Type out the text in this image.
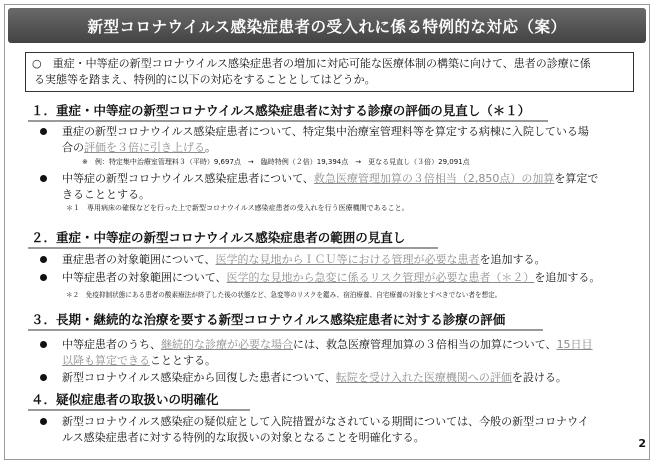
新型コロナウイルス感染症患者の受入れに係る特例的な対応（案）
○　 重症・中等症の新型コロナウイルス感染症患者の増加に対応可能な医療体制の構築に向けて、患者の診療に係
る実態等を踏まえ、特例的に以下の対応をすることとしてはどうか。
１．重症・中等症の新型コロナウイルス感染症患者に対する診療の評価の見直し（＊１）
重症の新型コロナウイルス感染症患者について、特定集中治療室管理料等を算定する病棟に入院している場
合の評価を３倍に引き上げる。
※　例：特定集中治療室管理料３（平時）9,697点　→　臨時特例（２倍）19,394点　→　更なる見直し（３倍）29,091点
中等症の新型コロナウイルス感染症患者について、救急医療管理加算の３倍相当（2,850点）の加算を算定で
きることとする。
＊１　専用病床の確保などを行った上で新型コロナウイルス感染症患者の受入れを行う医療機関であること。
２．重症・中等症の新型コロナウイルス感染症患者の範囲の見直し
重症患者の対象範囲について、医学的な見地からＩＣＵ等における管理が必要な患者を追加する。
中等症患者の対象範囲について、医学的な見地から急変に係るリスク管理が必要な患者（＊２）を追加する。
＊２　免疫抑制状態にある患者の酸素療法が終了した後の状態など、急変等のリスクを鑑み、宿泊療養、自宅療養の対象とすべきでない者を想定。
３．長期・継続的な治療を要する新型コロナウイルス感染症患者に対する診療の評価
中等症患者のうち、継続的な診療が必要な場合には、救急医療管理加算の３倍相当の加算について、15日目
以降も算定できることとする。
新型コロナウイルス感染症から回復した患者について、転院を受け入れた医療機関への評価を設ける。
４．疑似症患者の取扱いの明確化
新型コロナウイルス感染症の疑似症として入院措置がなされている期間については、今般の新型コロナウイ
ルス感染症患者に対する特例的な取扱いの対象となることを明確化する。	2
